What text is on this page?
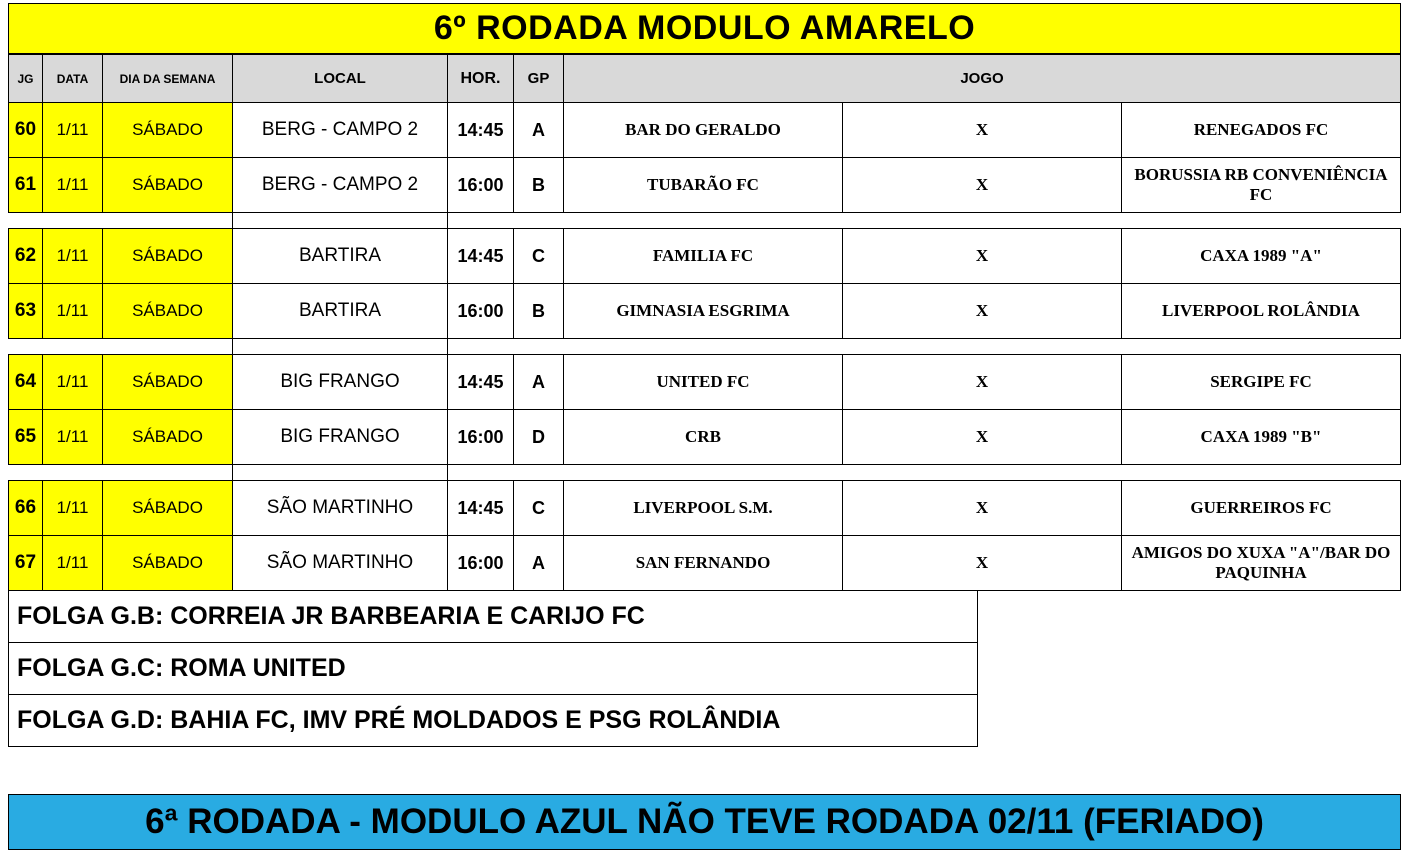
6º RODADA MODULO AMARELO
JG	DATA	DIA DA SEMANA	LOCAL	HOR.	GP	JOGO		
60	1/11	SÁBADO	BERG - CAMPO 2	14:45	A	BAR DO GERALDO	X	RENEGADOS FC
61	1/11	SÁBADO	BERG - CAMPO 2	16:00	B	TUBARÃO FC	X	BORUSSIA RB CONVENIÊNCIA FC

62	1/11	SÁBADO	BARTIRA	14:45	C	FAMILIA FC	X	CAXA 1989 "A"
63	1/11	SÁBADO	BARTIRA	16:00	B	GIMNASIA ESGRIMA	X	LIVERPOOL ROLÂNDIA

64	1/11	SÁBADO	BIG FRANGO	14:45	A	UNITED FC	X	SERGIPE FC
65	1/11	SÁBADO	BIG FRANGO	16:00	D	CRB	X	CAXA 1989 "B"

66	1/11	SÁBADO	SÃO MARTINHO	14:45	C	LIVERPOOL S.M.	X	GUERREIROS FC
67	1/11	SÁBADO	SÃO MARTINHO	16:00	A	SAN FERNANDO	X	AMIGOS DO XUXA "A"/BAR DO PAQUINHA
FOLGA G.B: CORREIA JR BARBEARIA E CARIJO FC
FOLGA G.C: ROMA UNITED
FOLGA G.D: BAHIA FC, IMV PRÉ MOLDADOS E PSG ROLÂNDIA
6ª RODADA - MODULO AZUL NÃO TEVE RODADA 02/11 (FERIADO)
